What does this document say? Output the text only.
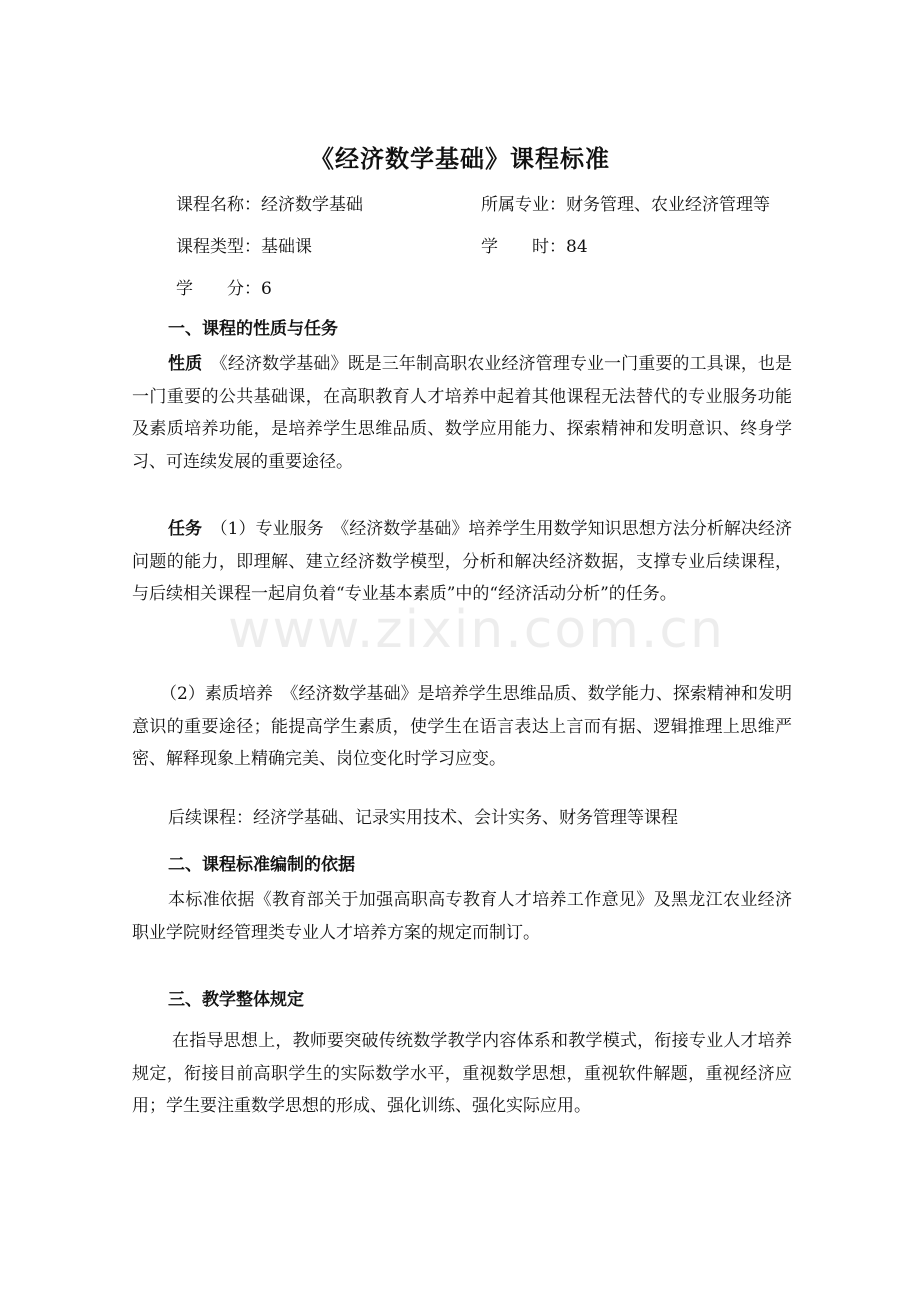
《经济数学基础》课程标准
课程名称：经济数学基础	所属专业：财务管理、农业经济管理等
课程类型：基础课	学　　时：84
学　　分：6
一、课程的性质与任务

性质　《经济数学基础》既是三年制高职农业经济管理专业一门重要的工具课，也是一门重要的公共基础课，在高职教育人才培养中起着其他课程无法替代的专业服务功能及素质培养功能，是培养学生思维品质、数学应用能力、探索精神和发明意识、终身学习、可连续发展的重要途径。

任务　（1）专业服务　《经济数学基础》培养学生用数学知识思想方法分析解决经济问题的能力，即理解、建立经济数学模型，分析和解决经济数据，支撑专业后续课程，与后续相关课程一起肩负着“专业基本素质”中的“经济活动分析”的任务。

（2）素质培养　《经济数学基础》是培养学生思维品质、数学能力、探索精神和发明意识的重要途径；能提高学生素质，使学生在语言表达上言而有据、逻辑推理上思维严密、解释现象上精确完美、岗位变化时学习应变。

后续课程：经济学基础、记录实用技术、会计实务、财务管理等课程

二、课程标准编制的依据

本标准依据《教育部关于加强高职高专教育人才培养工作意见》及黑龙江农业经济职业学院财经管理类专业人才培养方案的规定而制订。

三、教学整体规定

在指导思想上，教师要突破传统数学教学内容体系和教学模式，衔接专业人才培养规定，衔接目前高职学生的实际数学水平，重视数学思想，重视软件解题，重视经济应用；学生要注重数学思想的形成、强化训练、强化实际应用。

www.zixin.com.cn
